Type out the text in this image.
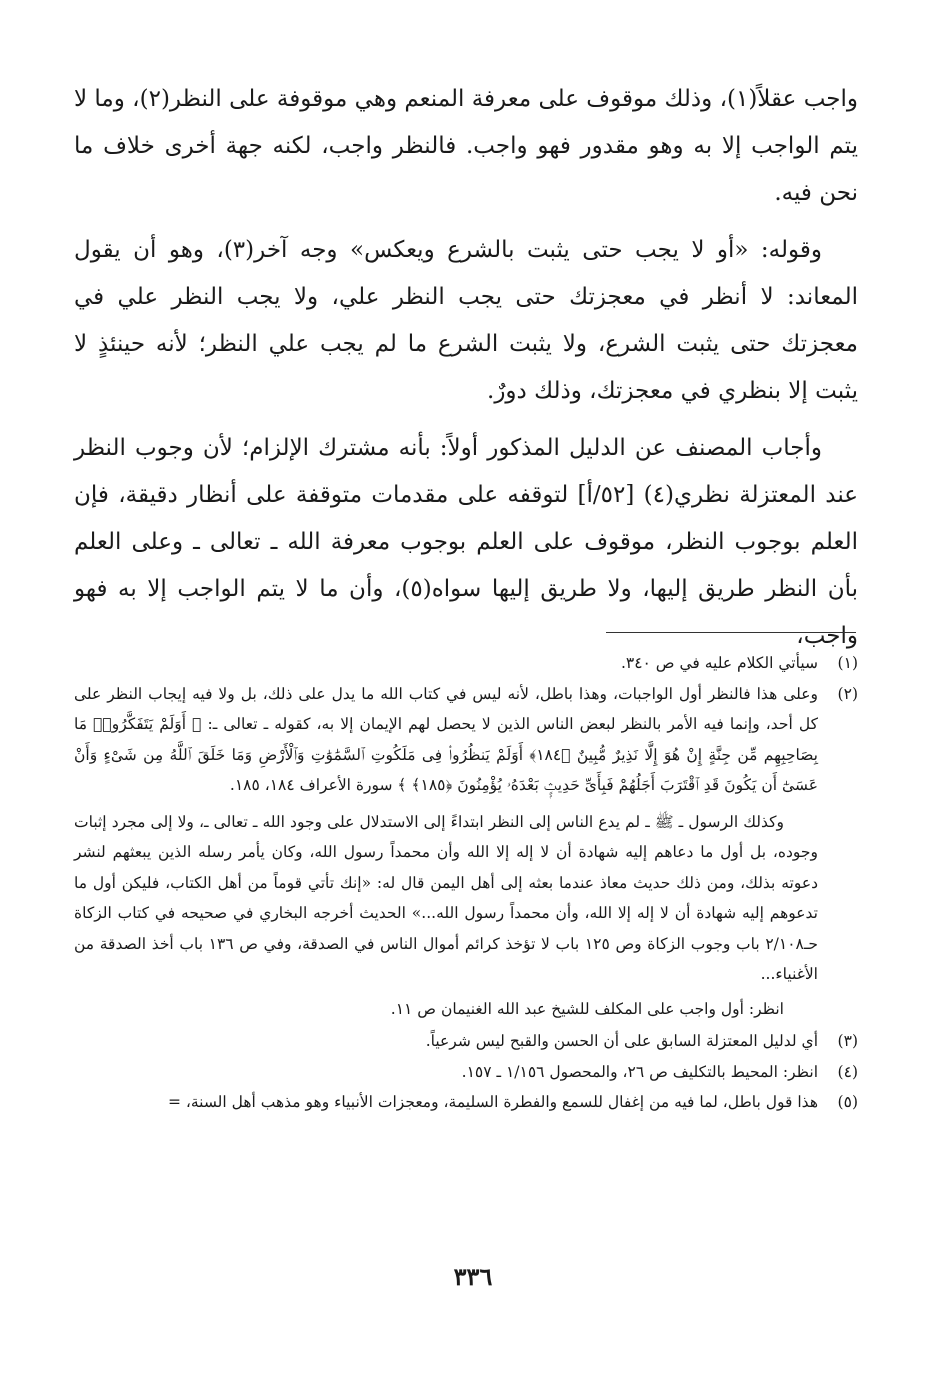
واجب عقلاً(١)، وذلك موقوف على معرفة المنعم وهي موقوفة على النظر(٢)، وما لا يتم الواجب إلا به وهو مقدور فهو واجب. فالنظر واجب، لكنه جهة أخرى خلاف ما نحن فيه.

وقوله: «أو لا يجب حتى يثبت بالشرع ويعكس» وجه آخر(٣)، وهو أن يقول المعاند: لا أنظر في معجزتك حتى يجب النظر علي، ولا يجب النظر علي في معجزتك حتى يثبت الشرع، ولا يثبت الشرع ما لم يجب علي النظر؛ لأنه حينئذٍ لا يثبت إلا بنظري في معجزتك، وذلك دورٌ.

وأجاب المصنف عن الدليل المذكور أولاً: بأنه مشترك الإلزام؛ لأن وجوب النظر عند المعتزلة نظري(٤) [٥٢/أ] لتوقفه على مقدمات متوقفة على أنظار دقيقة، فإن العلم بوجوب النظر، موقوف على العلم بوجوب معرفة الله ـ تعالى ـ وعلى العلم بأن النظر طريق إليها، ولا طريق إليها سواه(٥)، وأن ما لا يتم الواجب إلا به فهو واجب،

(١)
سيأتي الكلام عليه في ص ٣٤٠.
(٢)
وعلى هذا فالنظر أول الواجبات، وهذا باطل، لأنه ليس في كتاب الله ما يدل على ذلك، بل ولا فيه إيجاب النظر على كل أحد، وإنما فيه الأمر بالنظر لبعض الناس الذين لا يحصل لهم الإيمان إلا به، كقوله ـ تعالى ـ: ﴿ أَوَلَمْ يَتَفَكَّرُوا۟ مَا بِصَاحِبِهِم مِّن جِنَّةٍ إِنْ هُوَ إِلَّا نَذِيرٌ مُّبِينٌ ﴿١٨٤﴾ أَوَلَمْ يَنظُرُوا۟ فِى مَلَكُوتِ ٱلسَّمَٰوَٰتِ وَٱلْأَرْضِ وَمَا خَلَقَ ٱللَّهُ مِن شَىْءٍ وَأَنْ عَسَىٰٓ أَن يَكُونَ قَدِ ٱقْتَرَبَ أَجَلُهُمْ فَبِأَىِّ حَدِيثٍۭ بَعْدَهُۥ يُؤْمِنُونَ ﴿١٨٥﴾ ﴾ سورة الأعراف ١٨٤، ١٨٥.

وكذلك الرسول ـ ﷺ ـ لم يدع الناس إلى النظر ابتداءً إلى الاستدلال على وجود الله ـ تعالى ـ، ولا إلى مجرد إثبات وجوده، بل أول ما دعاهم إليه شهادة أن لا إله إلا الله وأن محمداً رسول الله، وكان يأمر رسله الذين يبعثهم لنشر دعوته بذلك، ومن ذلك حديث معاذ عندما بعثه إلى أهل اليمن قال له: «إنك تأتي قوماً من أهل الكتاب، فليكن أول ما تدعوهم إليه شهادة أن لا إله إلا الله، وأن محمداً رسول الله...» الحديث أخرجه البخاري في صحيحه في كتاب الزكاة حـ٢/١٠٨ باب وجوب الزكاة وص ١٢٥ باب لا تؤخذ كرائم أموال الناس في الصدقة، وفي ص ١٣٦ باب أخذ الصدقة من الأغنياء...

انظر: أول واجب على المكلف للشيخ عبد الله الغنيمان ص ١١.

(٣)
أي لدليل المعتزلة السابق على أن الحسن والقبح ليس شرعياً.
(٤)
انظر: المحيط بالتكليف ص ٢٦، والمحصول ١/١٥٦ ـ ١٥٧.
(٥)
هذا قول باطل، لما فيه من إغفال للسمع والفطرة السليمة، ومعجزات الأنبياء وهو مذهب أهل السنة، =
٣٣٦
